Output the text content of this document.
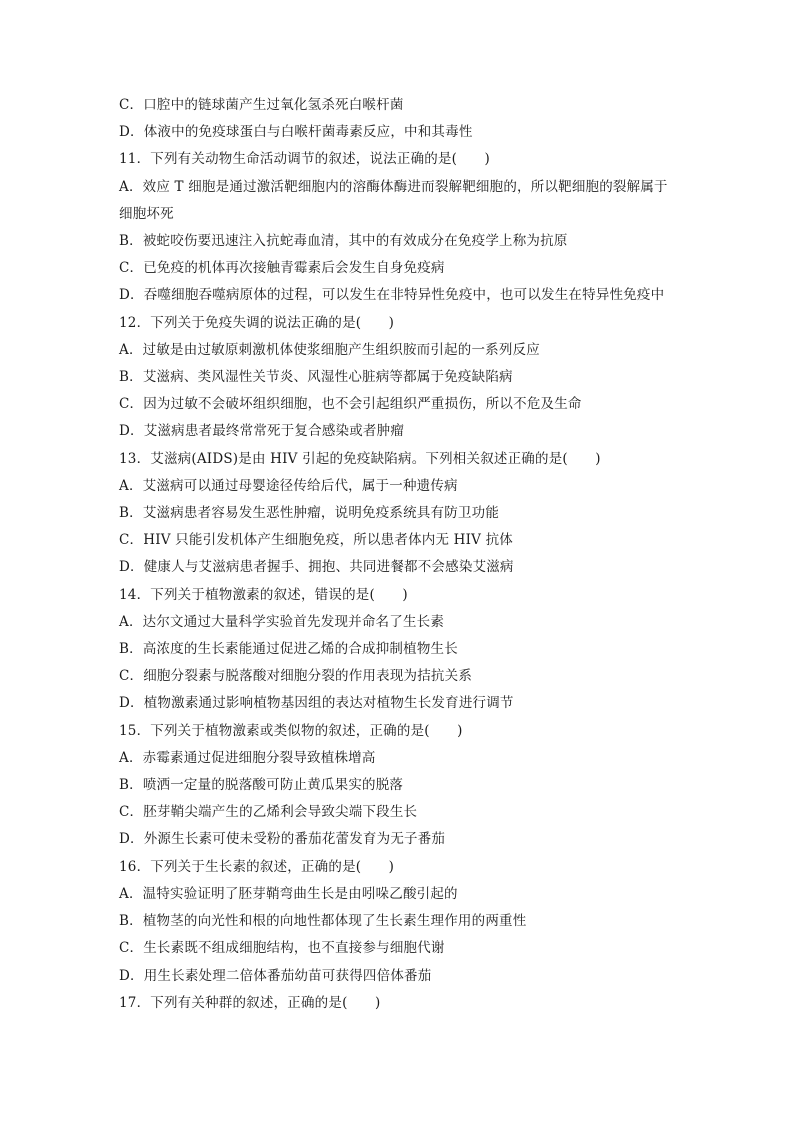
C．口腔中的链球菌产生过氧化氢杀死白喉杆菌

D．体液中的免疫球蛋白与白喉杆菌毒素反应，中和其毒性

11．下列有关动物生命活动调节的叙述，说法正确的是(　　)

A．效应 T 细胞是通过激活靶细胞内的溶酶体酶进而裂解靶细胞的，所以靶细胞的裂解属于细胞坏死

B．被蛇咬伤要迅速注入抗蛇毒血清，其中的有效成分在免疫学上称为抗原

C．已免疫的机体再次接触青霉素后会发生自身免疫病

D．吞噬细胞吞噬病原体的过程，可以发生在非特异性免疫中，也可以发生在特异性免疫中

12．下列关于免疫失调的说法正确的是(　　)

A．过敏是由过敏原刺激机体使浆细胞产生组织胺而引起的一系列反应

B．艾滋病、类风湿性关节炎、风湿性心脏病等都属于免疫缺陷病

C．因为过敏不会破坏组织细胞，也不会引起组织严重损伤，所以不危及生命

D．艾滋病患者最终常常死于复合感染或者肿瘤

13．艾滋病(AIDS)是由 HIV 引起的免疫缺陷病。下列相关叙述正确的是(　　)

A．艾滋病可以通过母婴途径传给后代，属于一种遗传病

B．艾滋病患者容易发生恶性肿瘤，说明免疫系统具有防卫功能

C．HIV 只能引发机体产生细胞免疫，所以患者体内无 HIV 抗体

D．健康人与艾滋病患者握手、拥抱、共同进餐都不会感染艾滋病

14．下列关于植物激素的叙述，错误的是(　　)

A．达尔文通过大量科学实验首先发现并命名了生长素

B．高浓度的生长素能通过促进乙烯的合成抑制植物生长

C．细胞分裂素与脱落酸对细胞分裂的作用表现为拮抗关系

D．植物激素通过影响植物基因组的表达对植物生长发育进行调节

15．下列关于植物激素或类似物的叙述，正确的是(　　)

A．赤霉素通过促进细胞分裂导致植株增高

B．喷洒一定量的脱落酸可防止黄瓜果实的脱落

C．胚芽鞘尖端产生的乙烯利会导致尖端下段生长

D．外源生长素可使未受粉的番茄花蕾发育为无子番茄

16．下列关于生长素的叙述，正确的是(　　)

A．温特实验证明了胚芽鞘弯曲生长是由吲哚乙酸引起的

B．植物茎的向光性和根的向地性都体现了生长素生理作用的两重性

C．生长素既不组成细胞结构，也不直接参与细胞代谢

D．用生长素处理二倍体番茄幼苗可获得四倍体番茄

17．下列有关种群的叙述，正确的是(　　)
